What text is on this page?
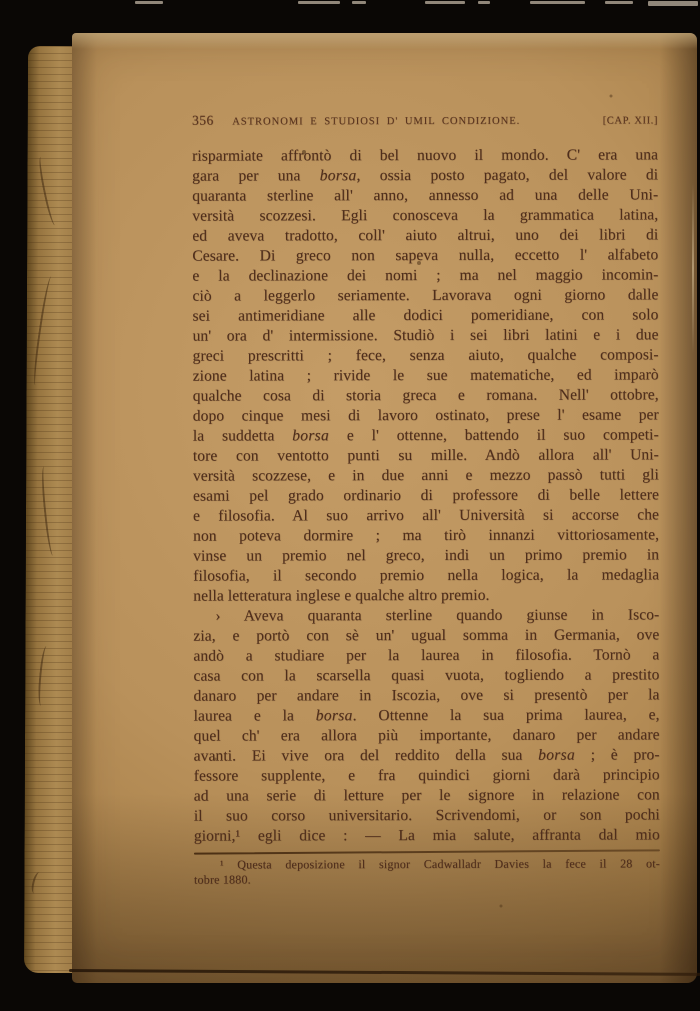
356 ASTRONOMI E STUDIOSI D' UMIL CONDIZIONE.	[CAP. XII.]
risparmiate affrontò di bel nuovo il mondo. C' era una
gara per una borsa, ossia posto pagato, del valore di
quaranta sterline all' anno, annesso ad una delle Uni-
versità scozzesi. Egli conosceva la grammatica latina,
ed aveva tradotto, coll' aiuto altrui, uno dei libri di
Cesare. Di greco non sapeva nulla, eccetto l' alfabeto
e la declinazione dei nomi ; ma nel maggio incomin-
ciò a leggerlo seriamente. Lavorava ogni giorno dalle
sei antimeridiane alle dodici pomeridiane, con solo
un' ora d' intermissione. Studiò i sei libri latini e i due
greci prescritti ; fece, senza aiuto, qualche composi-
zione latina ; rivide le sue matematiche, ed imparò
qualche cosa di storia greca e romana. Nell' ottobre,
dopo cinque mesi di lavoro ostinato, prese l' esame per
la suddetta borsa e l' ottenne, battendo il suo competi-
tore con ventotto punti su mille. Andò allora all' Uni-
versità scozzese, e in due anni e mezzo passò tutti gli
esami pel grado ordinario di professore di belle lettere
e filosofia. Al suo arrivo all' Università si accorse che
non poteva dormire ; ma tirò innanzi vittoriosamente,
vinse un premio nel greco, indi un primo premio in
filosofia, il secondo premio nella logica, la medaglia
nella letteratura inglese e qualche altro premio.
› Aveva quaranta sterline quando giunse in Isco-
zia, e portò con sè un' ugual somma in Germania, ove
andò a studiare per la laurea in filosofia. Tornò a
casa con la scarsella quasi vuota, togliendo a prestito
danaro per andare in Iscozia, ove si presentò per la
laurea e la borsa. Ottenne la sua prima laurea, e,
quel ch' era allora più importante, danaro per andare
avanti. Ei vive ora del reddito della sua borsa ; è pro-
fessore supplente, e fra quindici giorni darà principio
ad una serie di letture per le signore in relazione con
il suo corso universitario. Scrivendomi, or son pochi
giorni,¹ egli dice : — La mia salute, affranta dal mio
¹ Questa deposizione il signor Cadwalladr Davies la fece il 28 ot-
tobre 1880.
